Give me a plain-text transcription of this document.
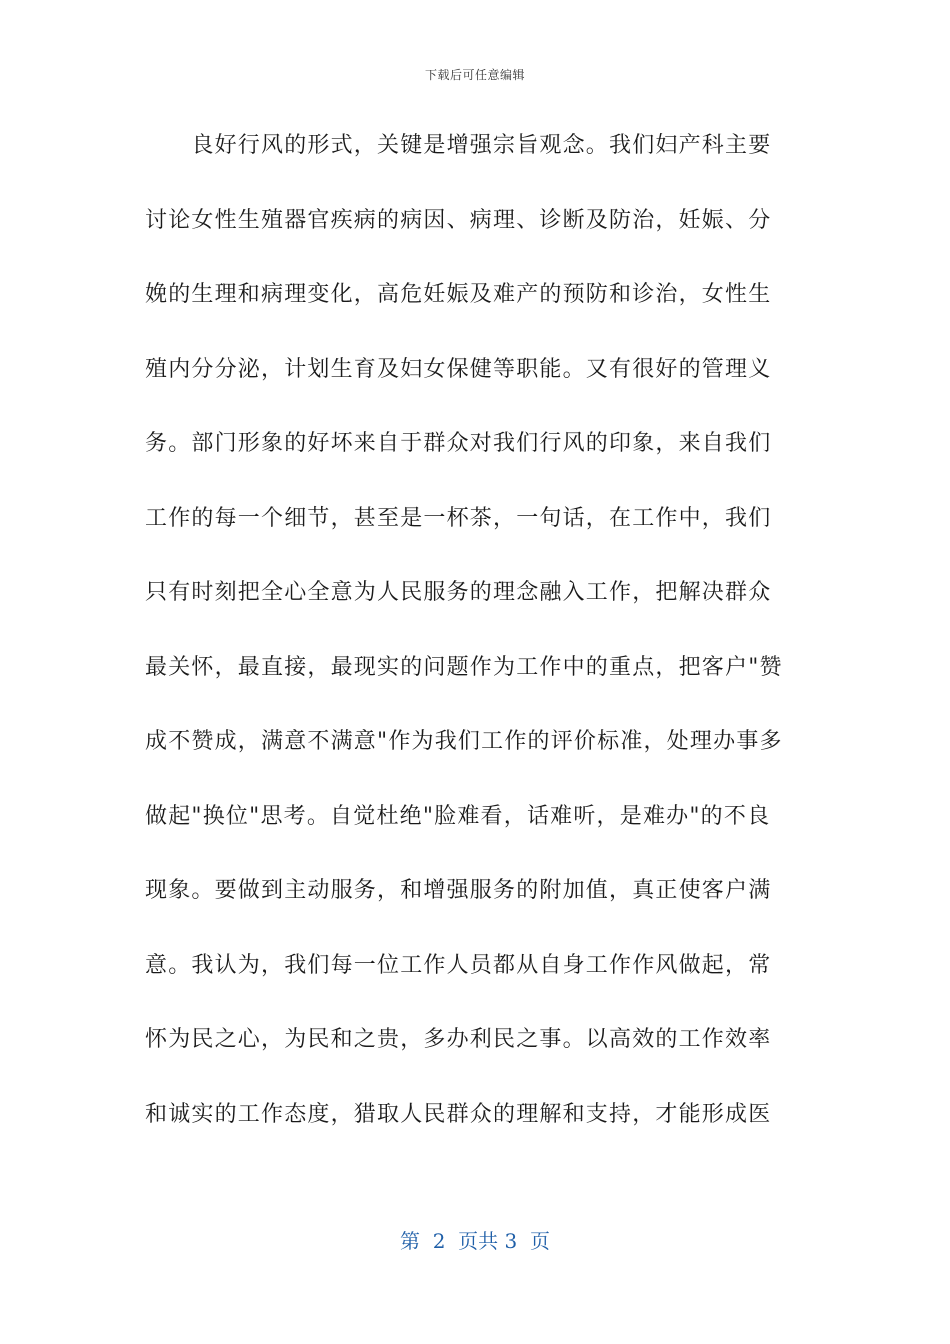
下载后可任意编辑
　　良好行风的形式，关键是增强宗旨观念。我们妇产科主要
讨论女性生殖器官疾病的病因、病理、诊断及防治，妊娠、分
娩的生理和病理变化，高危妊娠及难产的预防和诊治，女性生
殖内分分泌，计划生育及妇女保健等职能。又有很好的管理义
务。部门形象的好坏来自于群众对我们行风的印象，来自我们
工作的每一个细节，甚至是一杯茶，一句话，在工作中，我们
只有时刻把全心全意为人民服务的理念融入工作，把解决群众
最关怀，最直接，最现实的问题作为工作中的重点，把客户"赞
成不赞成，满意不满意"作为我们工作的评价标准，处理办事多
做起"换位"思考。自觉杜绝"脸难看，话难听，是难办"的不良
现象。要做到主动服务，和增强服务的附加值，真正使客户满
意。我认为，我们每一位工作人员都从自身工作作风做起，常
怀为民之心，为民和之贵，多办利民之事。以高效的工作效率
和诚实的工作态度，猎取人民群众的理解和支持，才能形成医
第  2  页共 3  页
